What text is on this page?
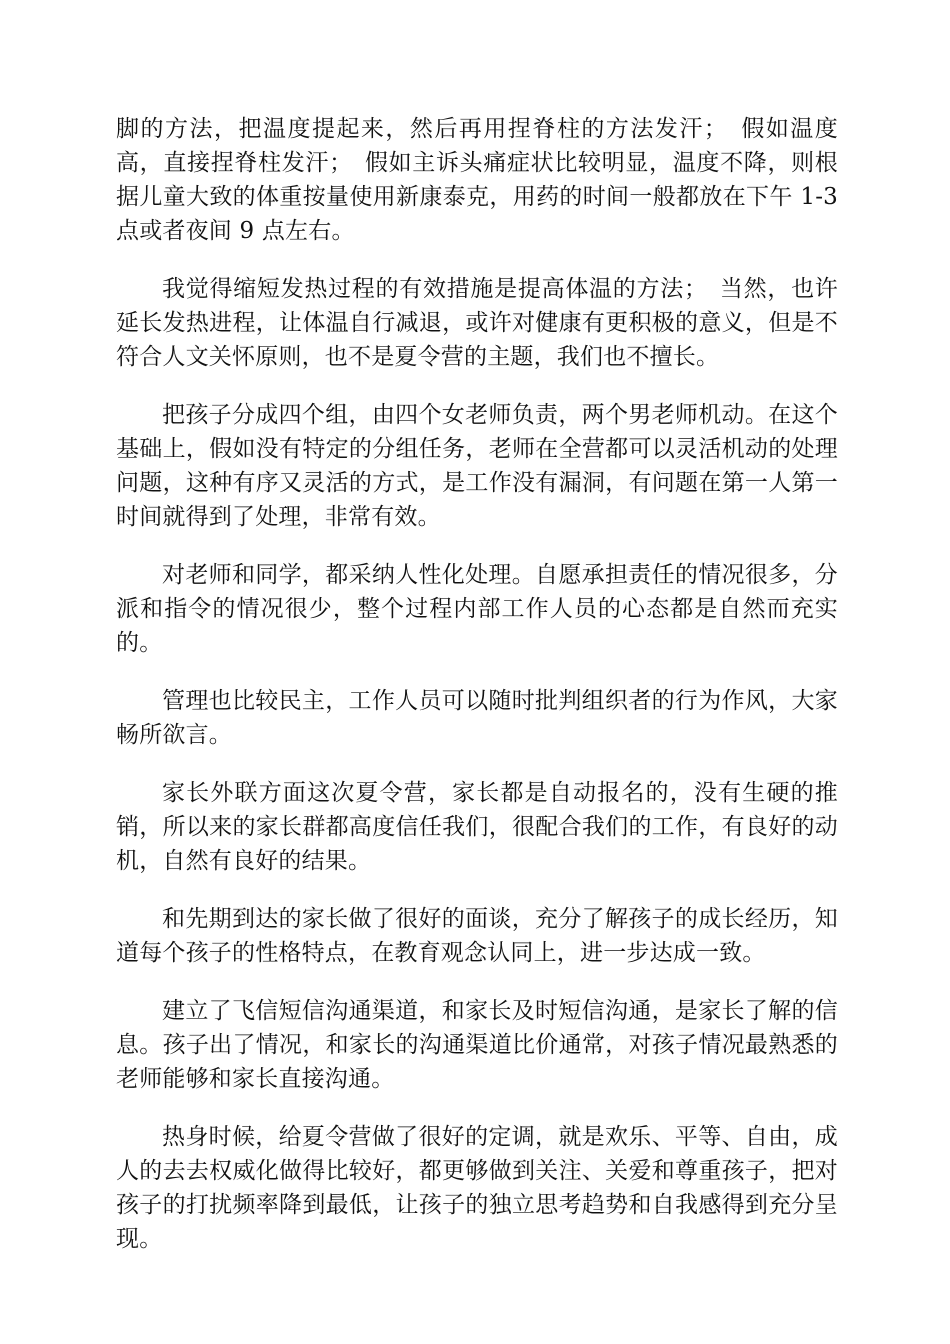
脚的方法，把温度提起来，然后再用捏脊柱的方法发汗；　假如温度高，直接捏脊柱发汗；　假如主诉头痛症状比较明显，温度不降，则根据儿童大致的体重按量使用新康泰克，用药的时间一般都放在下午 1-3 点或者夜间 9 点左右。

我觉得缩短发热过程的有效措施是提高体温的方法；　当然，也许延长发热进程，让体温自行减退，或许对健康有更积极的意义，但是不符合人文关怀原则，也不是夏令营的主题，我们也不擅长。

把孩子分成四个组，由四个女老师负责，两个男老师机动。在这个基础上，假如没有特定的分组任务，老师在全营都可以灵活机动的处理问题，这种有序又灵活的方式，是工作没有漏洞，有问题在第一人第一时间就得到了处理，非常有效。

对老师和同学，都采纳人性化处理。自愿承担责任的情况很多，分派和指令的情况很少，整个过程内部工作人员的心态都是自然而充实的。

管理也比较民主，工作人员可以随时批判组织者的行为作风，大家畅所欲言。

家长外联方面这次夏令营，家长都是自动报名的，没有生硬的推销，所以来的家长群都高度信任我们，很配合我们的工作，有良好的动机，自然有良好的结果。

和先期到达的家长做了很好的面谈，充分了解孩子的成长经历，知道每个孩子的性格特点，在教育观念认同上，进一步达成一致。

建立了飞信短信沟通渠道，和家长及时短信沟通，是家长了解的信息。孩子出了情况，和家长的沟通渠道比价通常，对孩子情况最熟悉的老师能够和家长直接沟通。

热身时候，给夏令营做了很好的定调，就是欢乐、平等、自由，成人的去去权威化做得比较好，都更够做到关注、关爱和尊重孩子，把对孩子的打扰频率降到最低，让孩子的独立思考趋势和自我感得到充分呈现。
